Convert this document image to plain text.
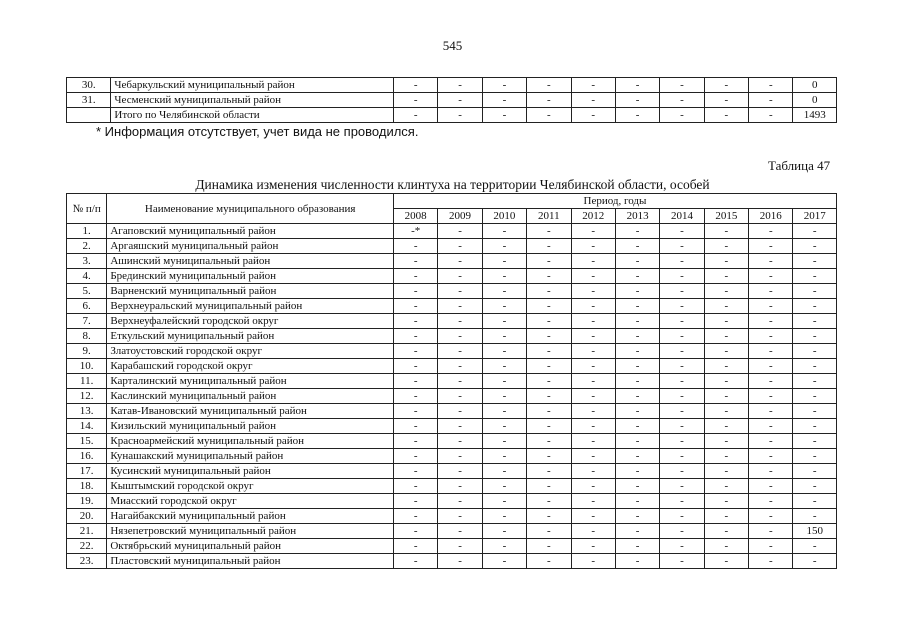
545
30.	Чебаркульский муниципальный район	-	-	-	-	-	-	-	-	-	0
31.	Чесменский муниципальный район	-	-	-	-	-	-	-	-	-	0
	Итого по Челябинской области	-	-	-	-	-	-	-	-	-	1493
* Информация отсутствует, учет вида не проводился.
Таблица 47
Динамика изменения численности клинтуха на территории Челябинской области, особей
№ п/п	Наименование муниципального образования	Период, годы									
		2008	2009	2010	2011	2012	2013	2014	2015	2016	2017
1.	Агаповский муниципальный район	-*	-	-	-	-	-	-	-	-	-
2.	Аргаяшский муниципальный район	-	-	-	-	-	-	-	-	-	-
3.	Ашинский муниципальный район	-	-	-	-	-	-	-	-	-	-
4.	Брединский муниципальный район	-	-	-	-	-	-	-	-	-	-
5.	Варненский муниципальный район	-	-	-	-	-	-	-	-	-	-
6.	Верхнеуральский муниципальный район	-	-	-	-	-	-	-	-	-	-
7.	Верхнеуфалейский городской округ	-	-	-	-	-	-	-	-	-	-
8.	Еткульский муниципальный район	-	-	-	-	-	-	-	-	-	-
9.	Златоустовский городской округ	-	-	-	-	-	-	-	-	-	-
10.	Карабашский городской округ	-	-	-	-	-	-	-	-	-	-
11.	Карталинский муниципальный район	-	-	-	-	-	-	-	-	-	-
12.	Каслинский муниципальный район	-	-	-	-	-	-	-	-	-	-
13.	Катав-Ивановский муниципальный район	-	-	-	-	-	-	-	-	-	-
14.	Кизильский муниципальный район	-	-	-	-	-	-	-	-	-	-
15.	Красноармейский муниципальный район	-	-	-	-	-	-	-	-	-	-
16.	Кунашакский муниципальный район	-	-	-	-	-	-	-	-	-	-
17.	Кусинский муниципальный район	-	-	-	-	-	-	-	-	-	-
18.	Кыштымский городской округ	-	-	-	-	-	-	-	-	-	-
19.	Миасский городской округ	-	-	-	-	-	-	-	-	-	-
20.	Нагайбакский муниципальный район	-	-	-	-	-	-	-	-	-	-
21.	Нязепетровский муниципальный район	-	-	-	-	-	-	-	-	-	150
22.	Октябрьский муниципальный район	-	-	-	-	-	-	-	-	-	-
23.	Пластовский муниципальный район	-	-	-	-	-	-	-	-	-	-
